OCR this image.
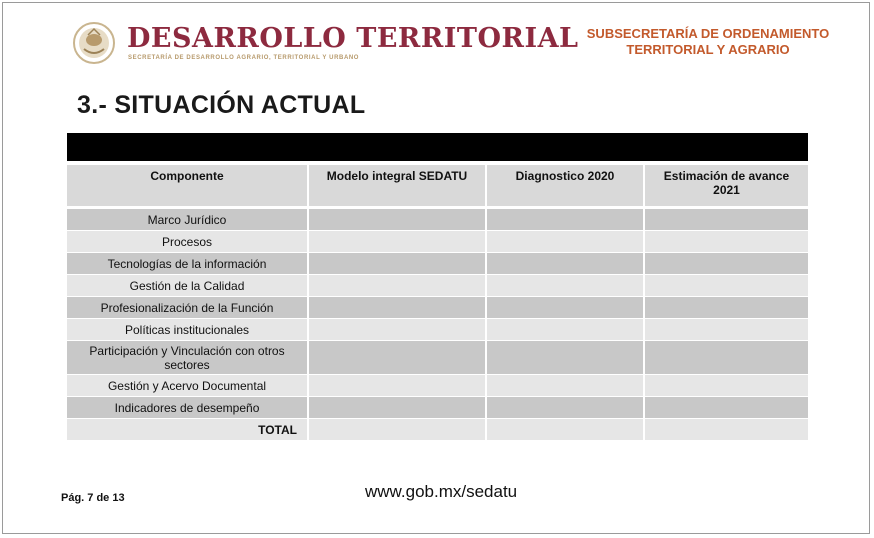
DESARROLLO TERRITORIAL
SECRETARÍA DE DESARROLLO AGRARIO, TERRITORIAL Y URBANO
SUBSECRETARÍA DE ORDENAMIENTO TERRITORIAL Y AGRARIO
3.- SITUACIÓN ACTUAL
Componente	Modelo integral SEDATU	Diagnostico 2020	Estimación de avance 2021
Marco Jurídico			
Procesos			
Tecnologías de la información			
Gestión de la Calidad			
Profesionalización de la Función			
Políticas institucionales			
Participación y Vinculación con otros sectores			
Gestión y Acervo Documental			
Indicadores de desempeño			
TOTAL			
Pág. 7 de 13	www.gob.mx/sedatu
